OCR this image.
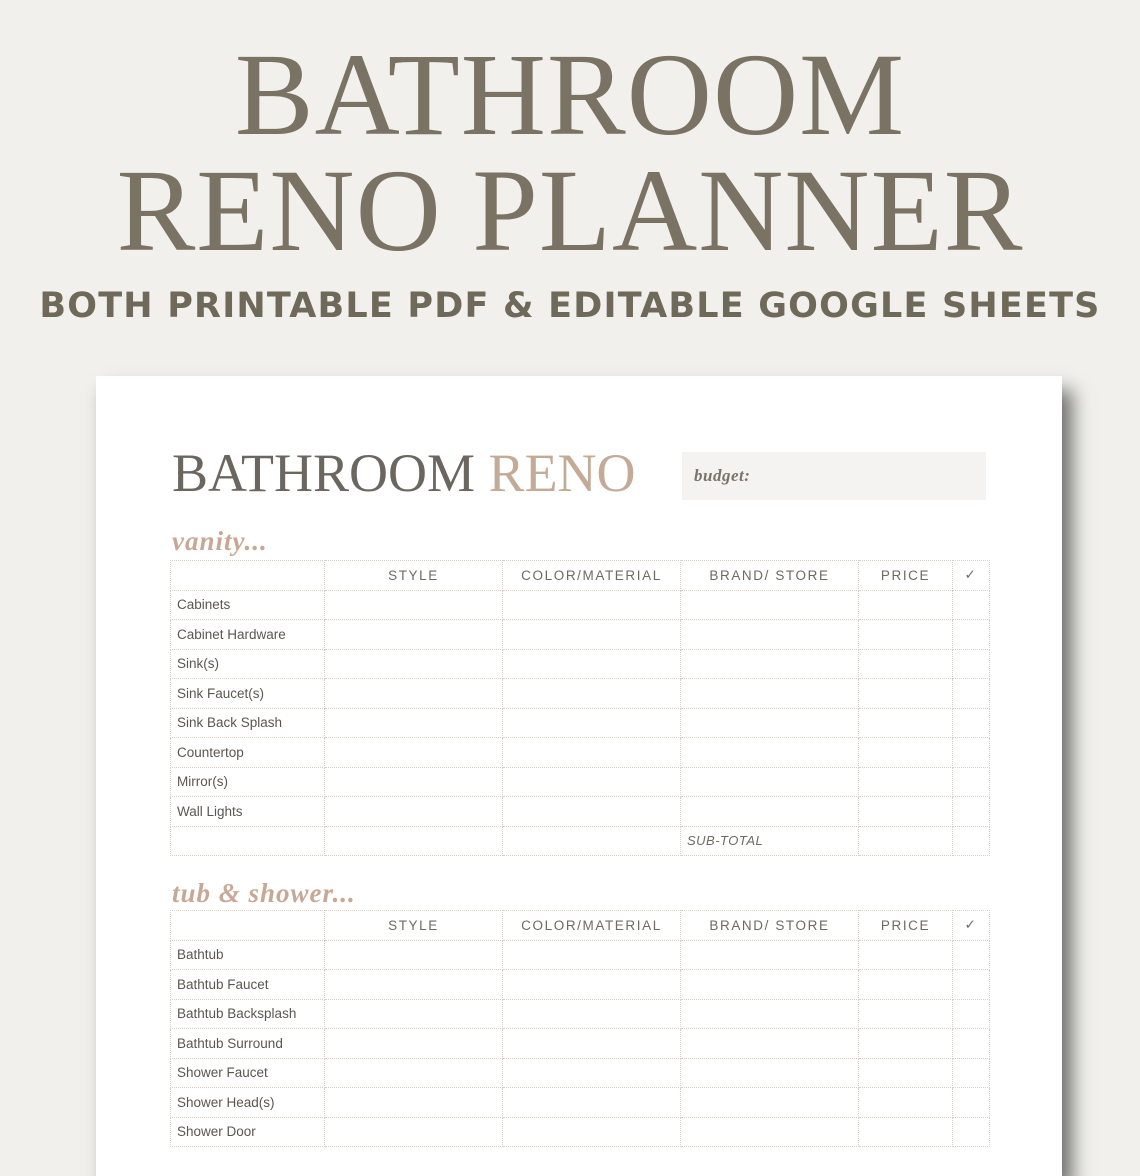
BATHROOM
RENO PLANNER
BOTH PRINTABLE PDF & EDITABLE GOOGLE SHEETS
BATHROOM RENO	budget:
vanity...
	STYLE	COLOR/MATERIAL	BRAND/ STORE	PRICE	✓
Cabinets					
Cabinet Hardware					
Sink(s)					
Sink Faucet(s)					
Sink Back Splash					
Countertop					
Mirror(s)					
Wall Lights					
			SUB-TOTAL		
tub & shower...
	STYLE	COLOR/MATERIAL	BRAND/ STORE	PRICE	✓
Bathtub					
Bathtub Faucet					
Bathtub Backsplash					
Bathtub Surround					
Shower Faucet					
Shower Head(s)					
Shower Door					
